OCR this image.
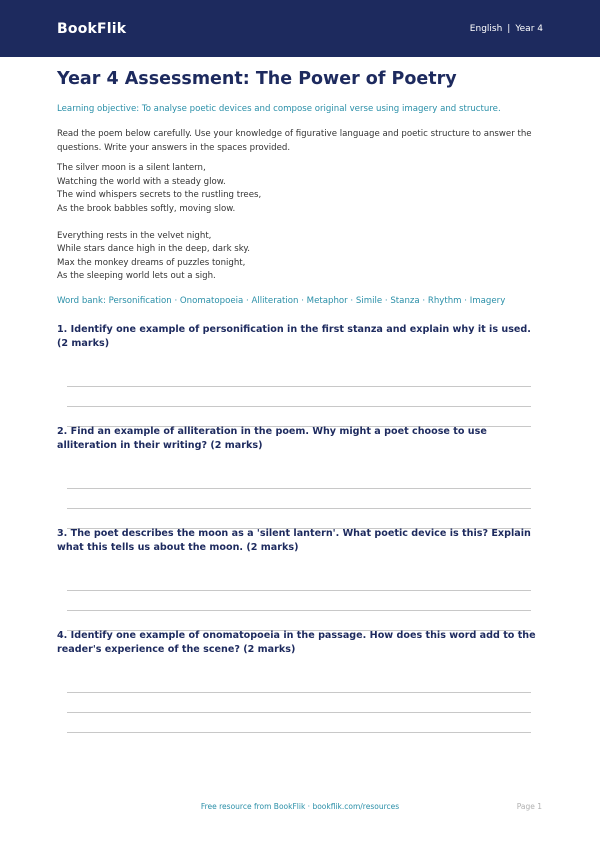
BookFlik	English | Year 4
Year 4 Assessment: The Power of Poetry

Learning objective: To analyse poetic devices and compose original verse using imagery and structure.

Read the poem below carefully. Use your knowledge of figurative language and poetic structure to answer the questions. Write your answers in the spaces provided.

The silver moon is a silent lantern,
Watching the world with a steady glow.
The wind whispers secrets to the rustling trees,
As the brook babbles softly, moving slow.
Everything rests in the velvet night,
While stars dance high in the deep, dark sky.
Max the monkey dreams of puzzles tonight,
As the sleeping world lets out a sigh.

Word bank: Personification · Onomatopoeia · Alliteration · Metaphor · Simile · Stanza · Rhythm · Imagery

1. Identify one example of personification in the first stanza and explain why it is used. (2 marks)
2. Find an example of alliteration in the poem. Why might a poet choose to use alliteration in their writing? (2 marks)
3. The poet describes the moon as a 'silent lantern'. What poetic device is this? Explain what this tells us about the moon. (2 marks)
4. Identify one example of onomatopoeia in the passage. How does this word add to the reader's experience of the scene? (2 marks)
Free resource from BookFlik · bookflik.com/resources	Page 1
